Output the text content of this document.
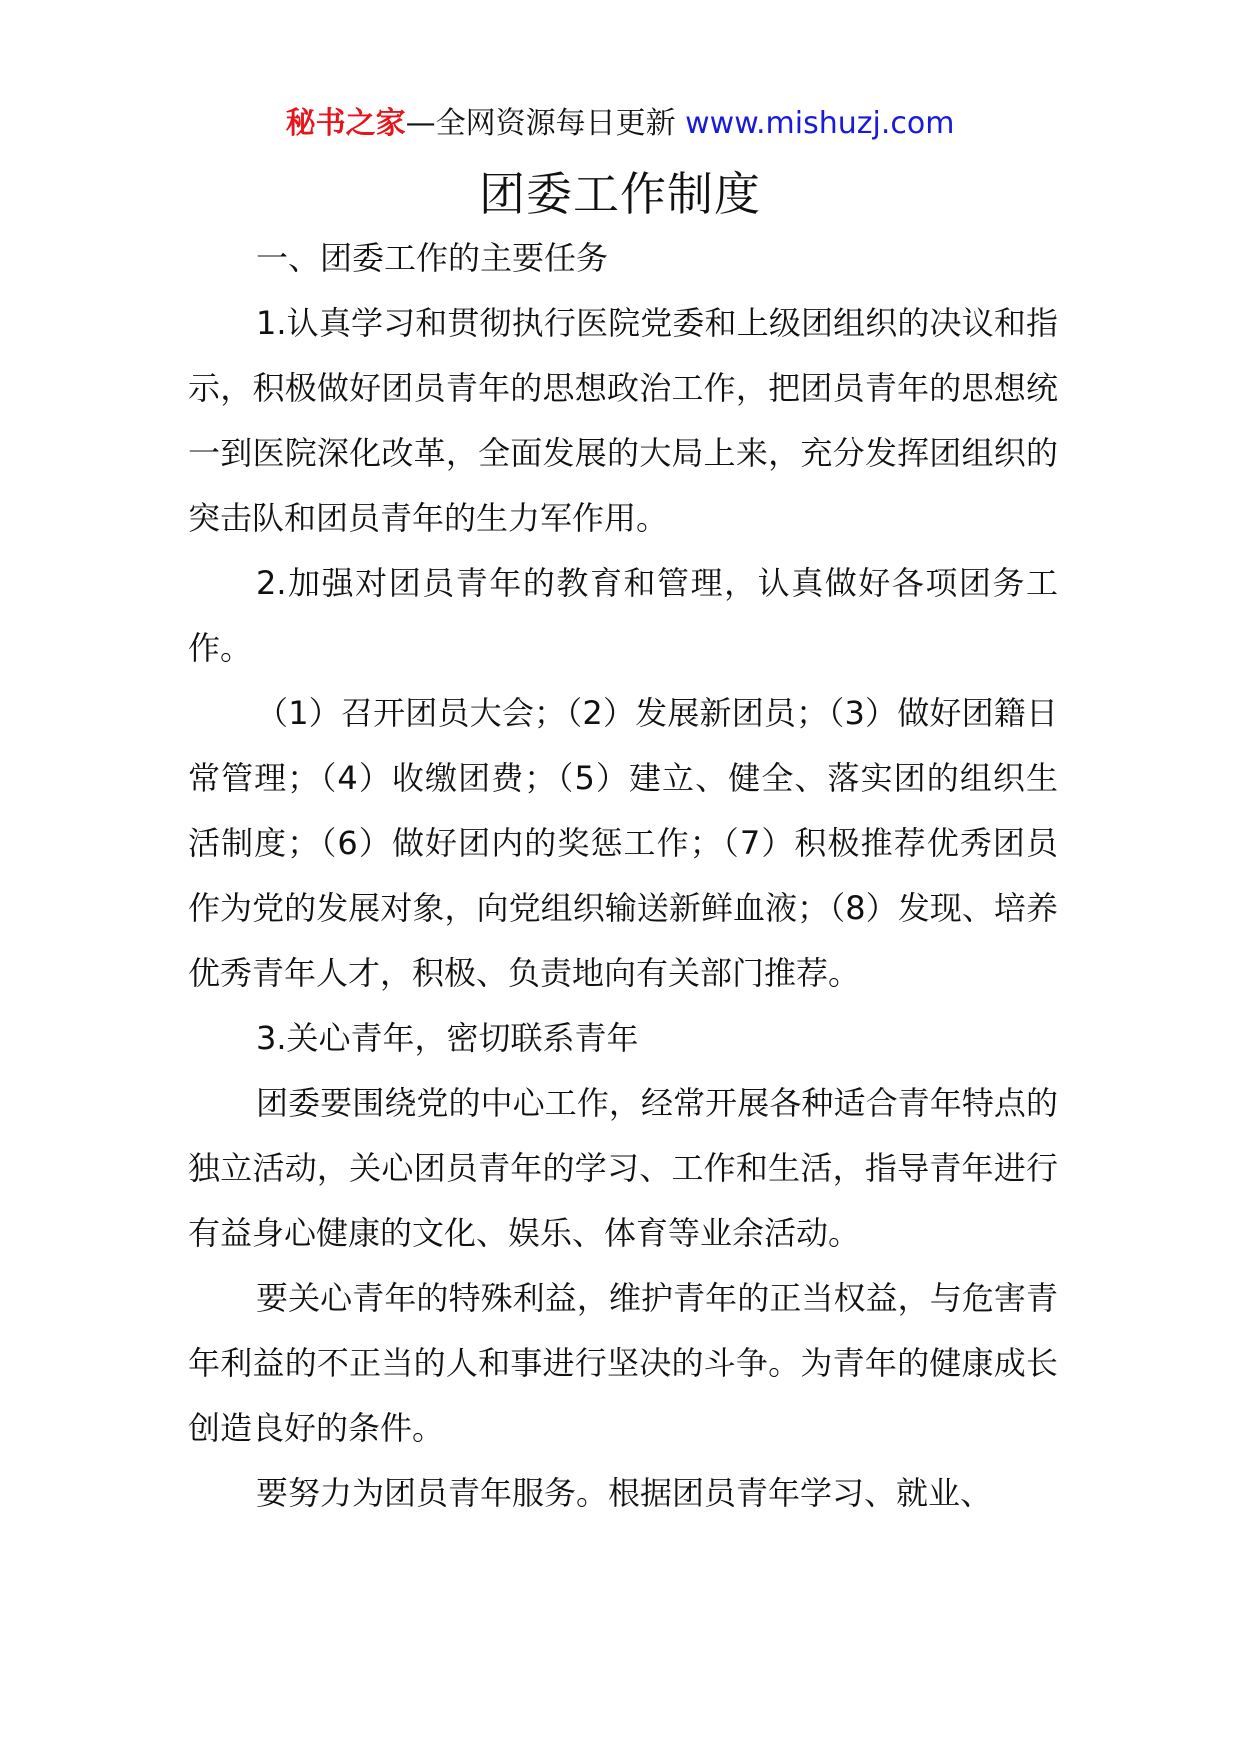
秘书之家—全网资源每日更新 www.mishuzj.com
团委工作制度

一、团委工作的主要任务

1.认真学习和贯彻执行医院党委和上级团组织的决议和指示，积极做好团员青年的思想政治工作，把团员青年的思想统一到医院深化改革，全面发展的大局上来，充分发挥团组织的突击队和团员青年的生力军作用。

2.加强对团员青年的教育和管理，认真做好各项团务工作。

（1）召开团员大会；（2）发展新团员；（3）做好团籍日常管理；（4）收缴团费；（5）建立、健全、落实团的组织生活制度；（6）做好团内的奖惩工作；（7）积极推荐优秀团员作为党的发展对象，向党组织输送新鲜血液；（8）发现、培养优秀青年人才，积极、负责地向有关部门推荐。

3.关心青年，密切联系青年

团委要围绕党的中心工作，经常开展各种适合青年特点的独立活动，关心团员青年的学习、工作和生活，指导青年进行有益身心健康的文化、娱乐、体育等业余活动。

要关心青年的特殊利益，维护青年的正当权益，与危害青年利益的不正当的人和事进行坚决的斗争。为青年的健康成长创造良好的条件。

要努力为团员青年服务。根据团员青年学习、就业、
